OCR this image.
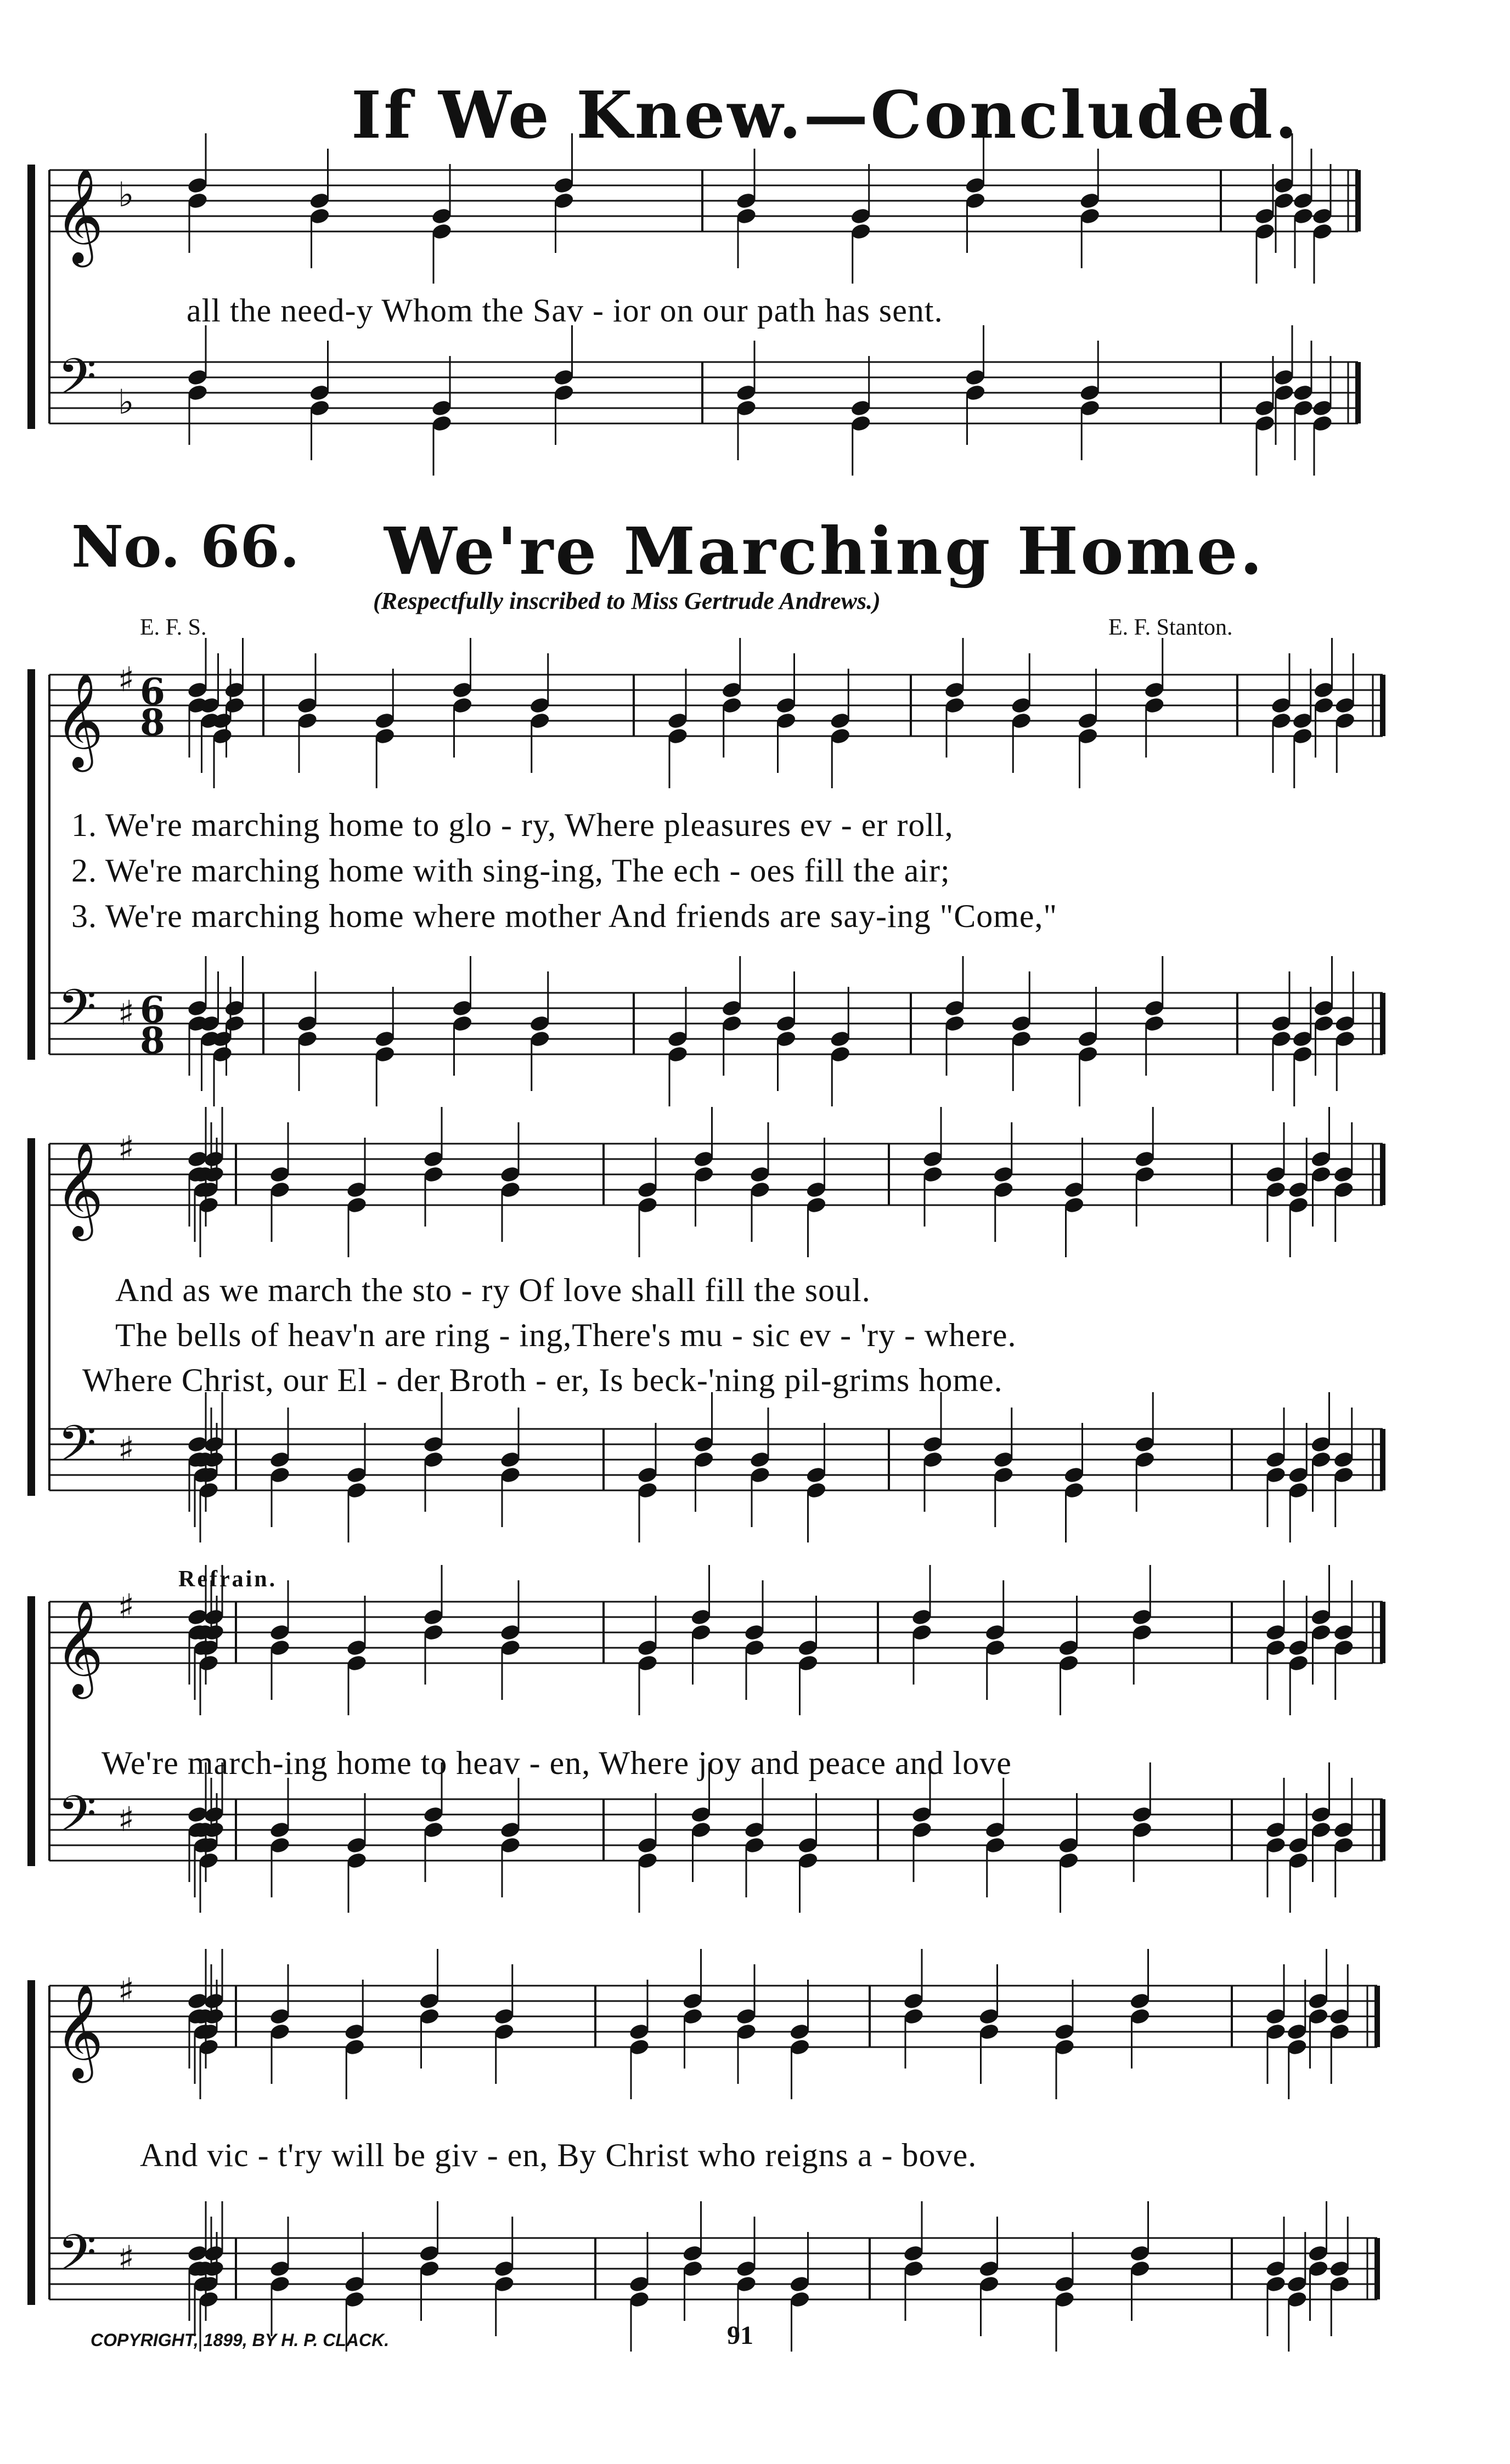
If We Knew.—Concluded.
𝄞 ♭
𝄢 ♭
all the need-y Whom the Sav - ior on our path has sent.
No. 66. We're Marching Home.
(Respectfully inscribed to Miss Gertrude Andrews.)
E. F. S.	E. F. Stanton.
𝄞 ♯ 6
8
𝄢 ♯ 6
8
1. We're marching home to glo - ry, Where pleasures ev - er roll,
2. We're marching home with sing-ing, The ech - oes fill the air;
3. We're marching home where mother And friends are say-ing "Come,"
𝄞 ♯
𝄢 ♯
And as we march the sto - ry Of love shall fill the soul.
The bells of heav'n are ring - ing,There's mu - sic ev - 'ry - where.
Where Christ, our El - der Broth - er, Is beck-'ning pil-grims home.
Refrain.
𝄞 ♯
𝄢 ♯
We're march-ing home to heav - en, Where joy and peace and love
𝄞 ♯
𝄢 ♯
And vic - t'ry will be giv - en, By Christ who reigns a - bove.
COPYRIGHT, 1899, BY H. P. CLACK.	91
